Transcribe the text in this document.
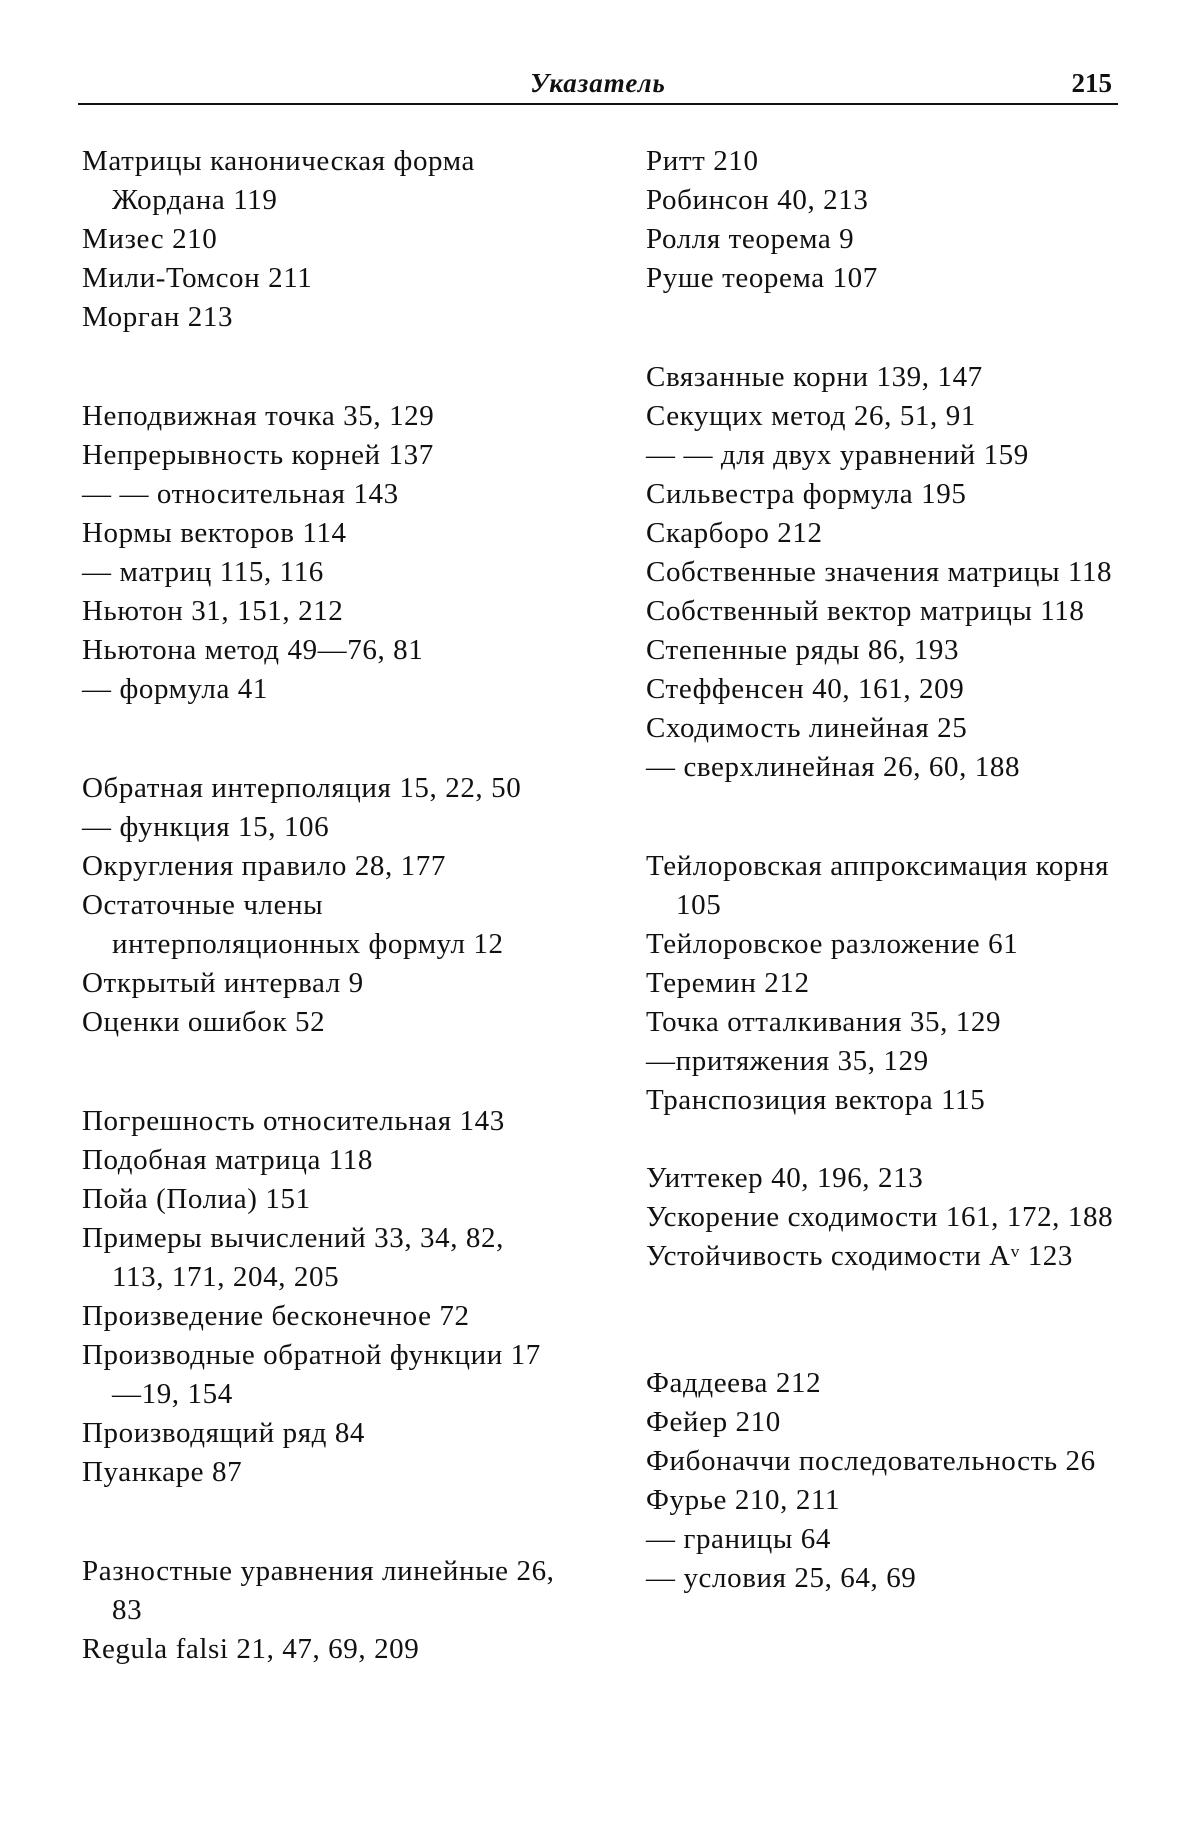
Указатель	215
Матрицы каноническая форма Жордана 119
Мизес 210
Мили-Томсон 211
Морган 213
Неподвижная точка 35, 129
Непрерывность корней 137
— — относительная 143
Нормы векторов 114
— матриц 115, 116
Ньютон 31, 151, 212
Ньютона метод 49—76, 81
— формула 41
Обратная интерполяция 15, 22, 50
— функция 15, 106
Округления правило 28, 177
Остаточные члены интерполяционных формул 12
Открытый интервал 9
Оценки ошибок 52
Погрешность относительная 143
Подобная матрица 118
Пойа (Полиа) 151
Примеры вычислений 33, 34, 82, 113, 171, 204, 205
Произведение бесконечное 72
Производные обратной функции 17—19, 154
Производящий ряд 84
Пуанкаре 87
Разностные уравнения линейные 26, 83
Regula falsi 21, 47, 69, 209
Ритт 210
Робинсон 40, 213
Ролля теорема 9
Руше теорема 107
Связанные корни 139, 147
Секущих метод 26, 51, 91
— — для двух уравнений 159
Сильвестра формула 195
Скарборо 212
Собственные значения матрицы 118
Собственный вектор матрицы 118
Степенные ряды 86, 193
Стеффенсен 40, 161, 209
Сходимость линейная 25
— сверхлинейная 26, 60, 188
Тейлоровская аппроксимация корня 105
Тейлоровское разложение 61
Теремин 212
Точка отталкивания 35, 129
—притяжения 35, 129
Транспозиция вектора 115
Уиттекер 40, 196, 213
Ускорение сходимости 161, 172, 188
Устойчивость сходимости Aᵛ 123
Фаддеева 212
Фейер 210
Фибоначчи последовательность 26
Фурье 210, 211
— границы 64
— условия 25, 64, 69
